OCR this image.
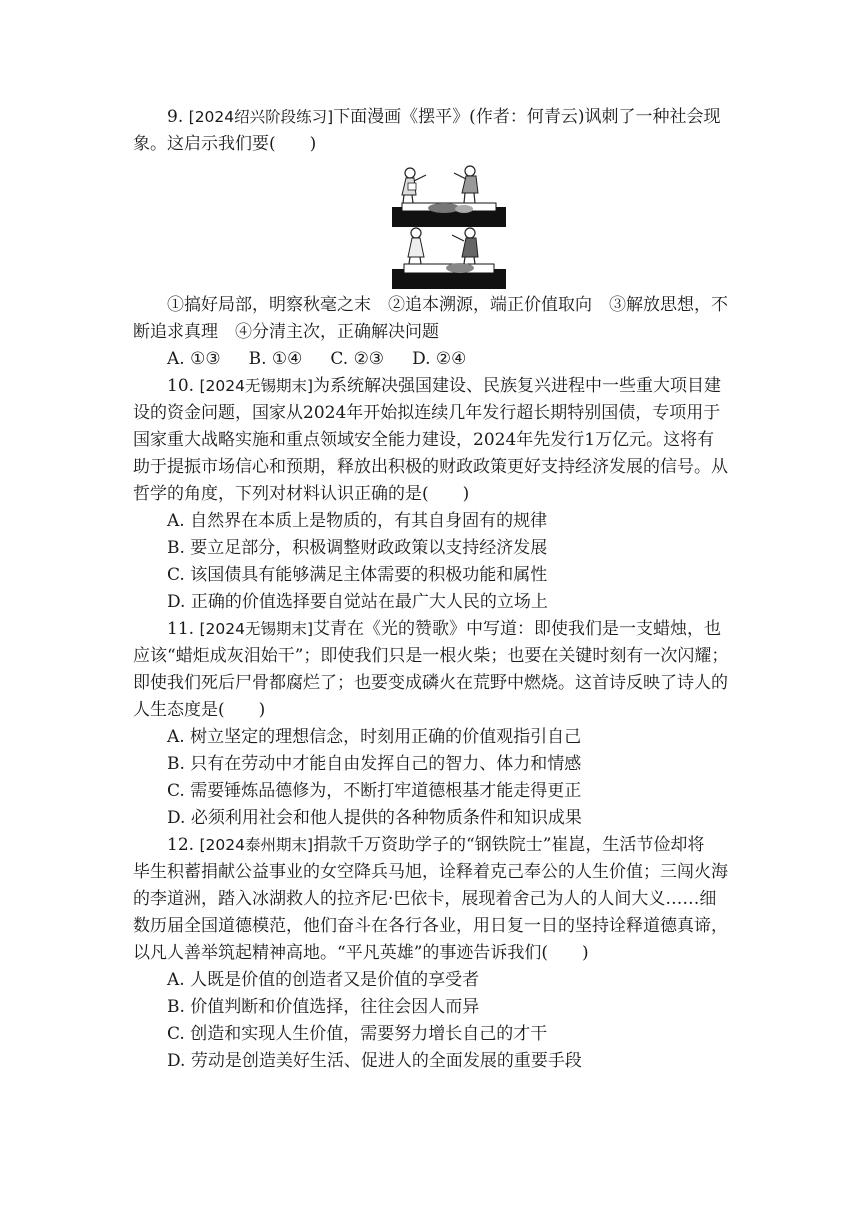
9. [2024绍兴阶段练习]下面漫画《摆平》(作者：何青云)讽刺了一种社会现
象。这启示我们要(　　)
①搞好局部，明察秋毫之末　②追本溯源，端正价值取向　③解放思想，不
断追求真理　④分清主次，正确解决问题
A. ①③ B. ①④ C. ②③ D. ②④
10. [2024无锡期末]为系统解决强国建设、民族复兴进程中一些重大项目建
设的资金问题，国家从2024年开始拟连续几年发行超长期特别国债，专项用于
国家重大战略实施和重点领域安全能力建设，2024年先发行1万亿元。这将有
助于提振市场信心和预期，释放出积极的财政政策更好支持经济发展的信号。从
哲学的角度，下列对材料认识正确的是(　　)
A. 自然界在本质上是物质的，有其自身固有的规律
B. 要立足部分，积极调整财政政策以支持经济发展
C. 该国债具有能够满足主体需要的积极功能和属性
D. 正确的价值选择要自觉站在最广大人民的立场上
11. [2024无锡期末]艾青在《光的赞歌》中写道：即使我们是一支蜡烛，也
应该“蜡炬成灰泪始干”；即使我们只是一根火柴；也要在关键时刻有一次闪耀；
即使我们死后尸骨都腐烂了；也要变成磷火在荒野中燃烧。这首诗反映了诗人的
人生态度是(　　)
A. 树立坚定的理想信念，时刻用正确的价值观指引自己
B. 只有在劳动中才能自由发挥自己的智力、体力和情感
C. 需要锤炼品德修为，不断打牢道德根基才能走得更正
D. 必须利用社会和他人提供的各种物质条件和知识成果
12. [2024泰州期末]捐款千万资助学子的“钢铁院士”崔崑，生活节俭却将
毕生积蓄捐献公益事业的女空降兵马旭，诠释着克己奉公的人生价值；三闯火海
的李道洲，踏入冰湖救人的拉齐尼·巴依卡，展现着舍己为人的人间大义……细
数历届全国道德模范，他们奋斗在各行各业，用日复一日的坚持诠释道德真谛，
以凡人善举筑起精神高地。“平凡英雄”的事迹告诉我们(　　)
A. 人既是价值的创造者又是价值的享受者
B. 价值判断和价值选择，往往会因人而异
C. 创造和实现人生价值，需要努力增长自己的才干
D. 劳动是创造美好生活、促进人的全面发展的重要手段
